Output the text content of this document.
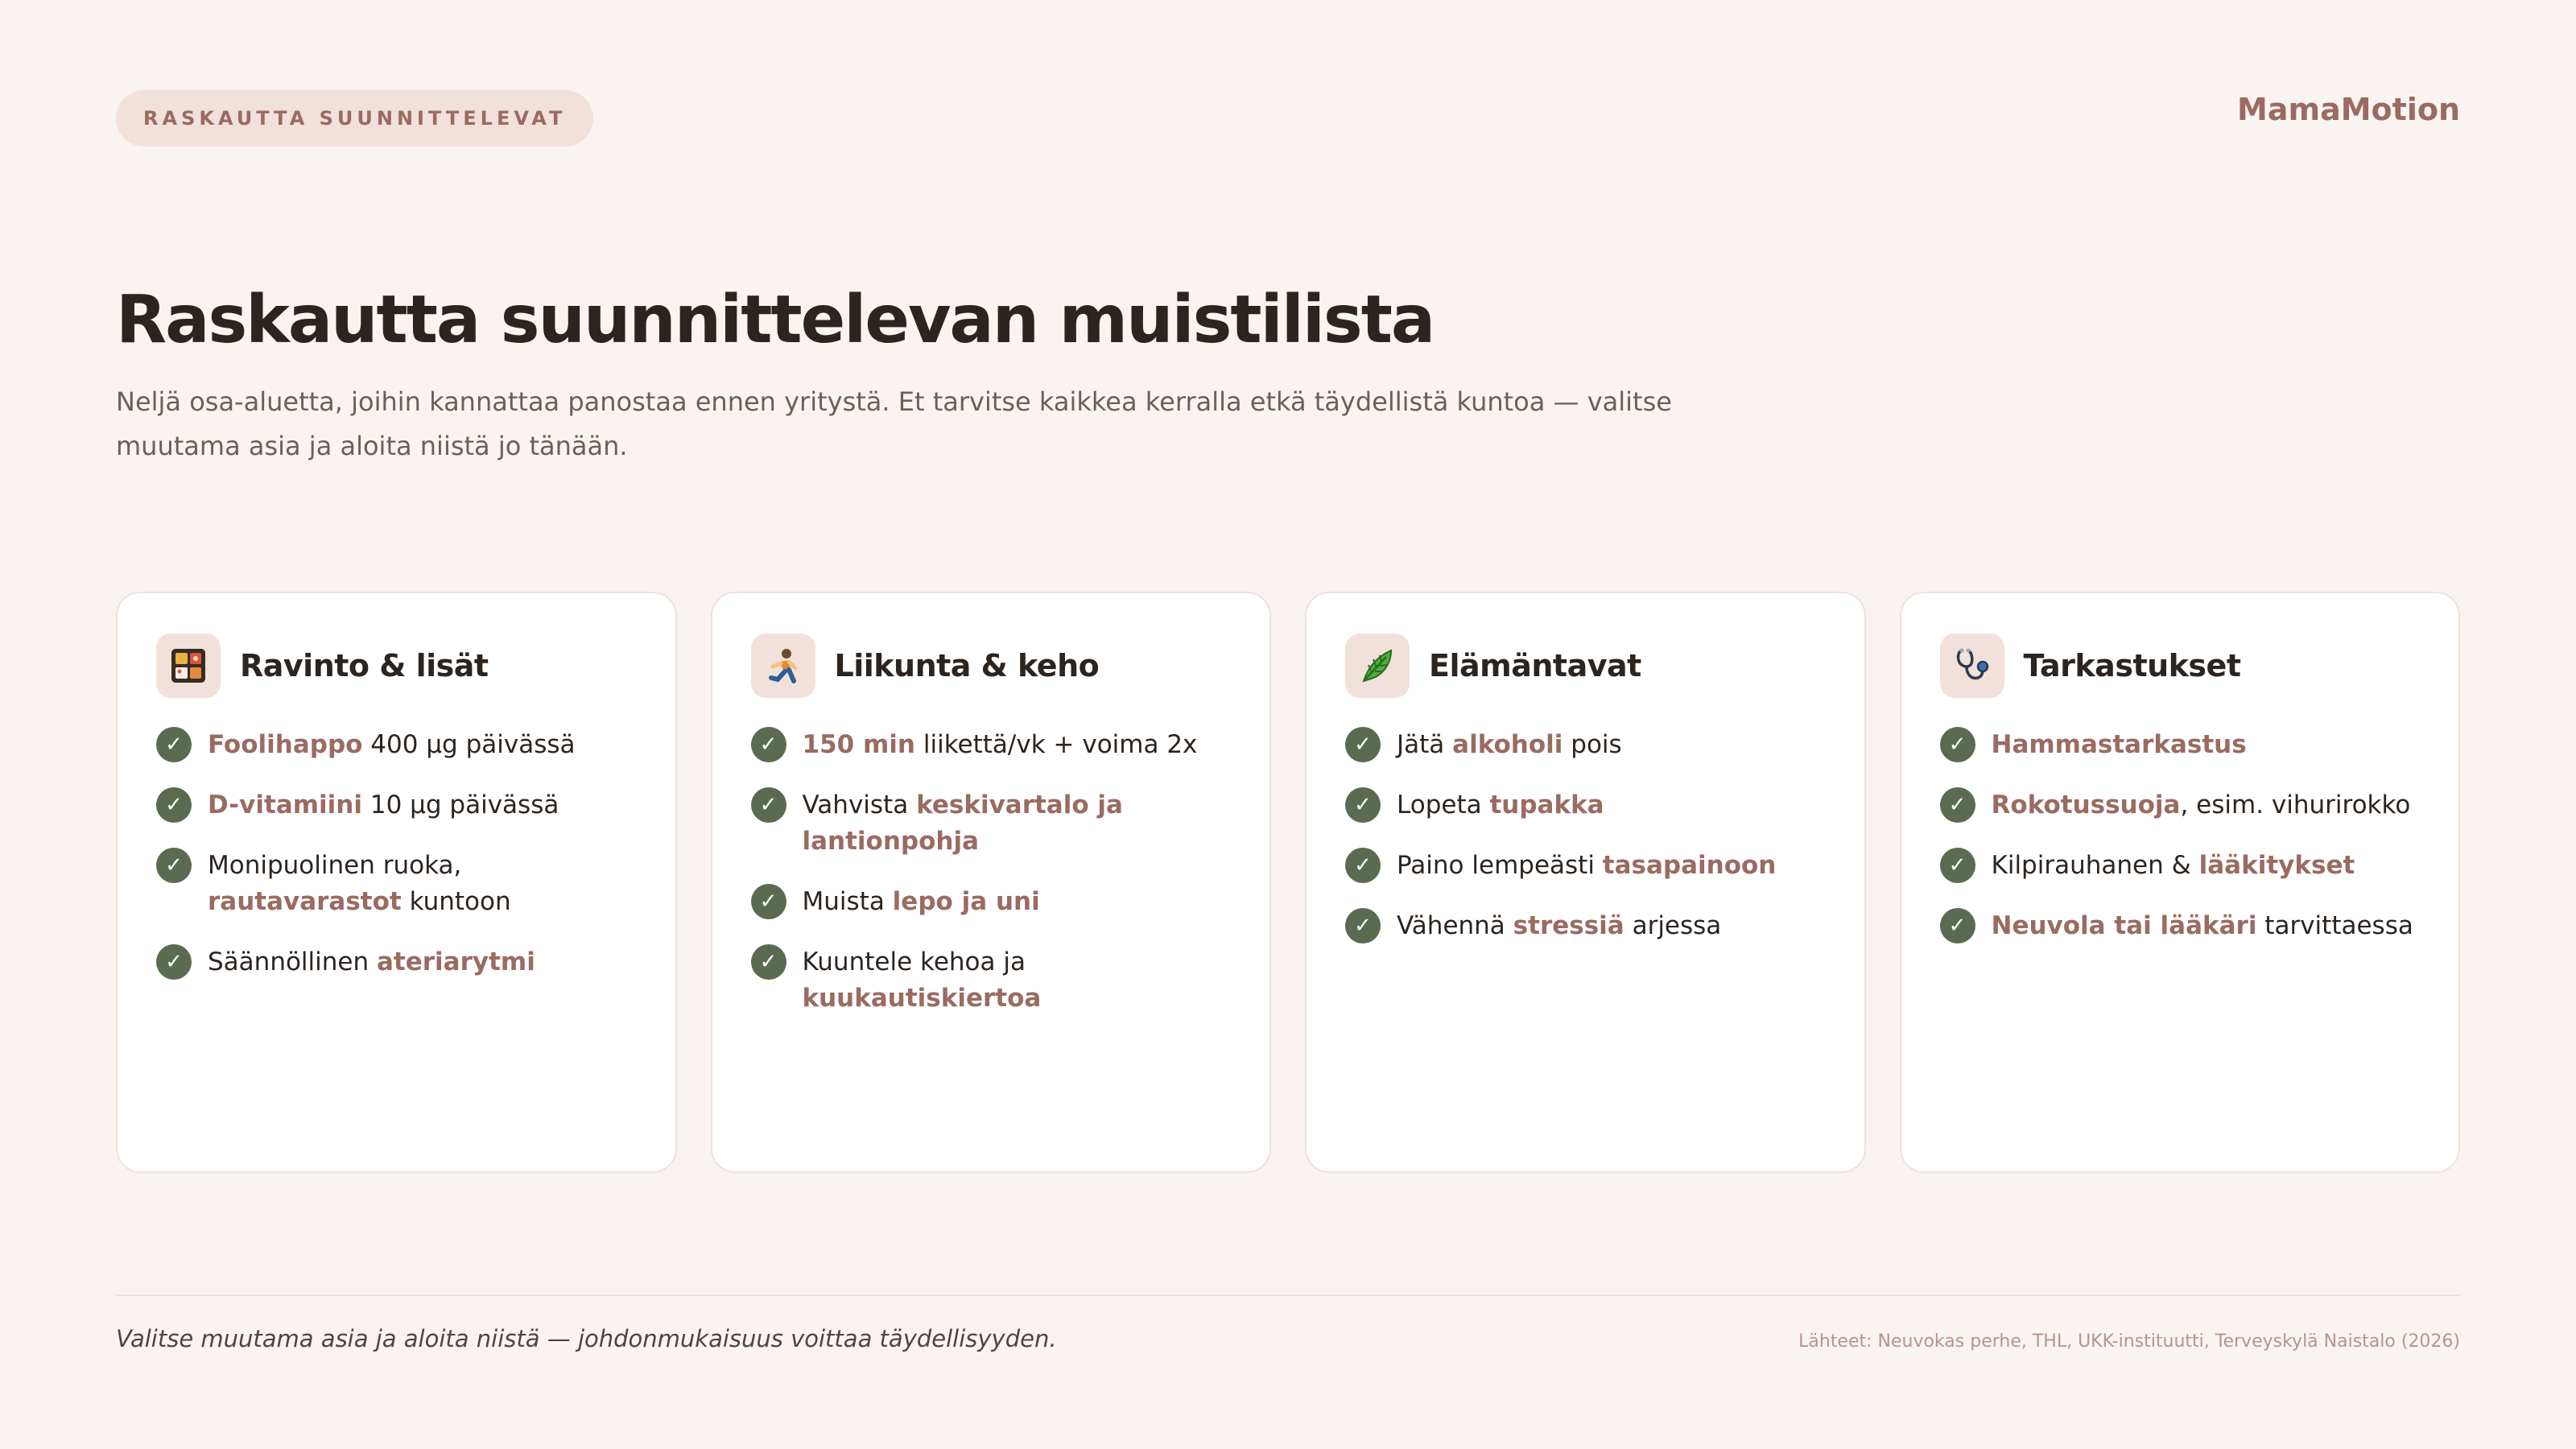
RASKAUTTA SUUNNITTELEVAT	MamaMotion
Raskautta suunnittelevan muistilista

Neljä osa-aluetta, joihin kannattaa panostaa ennen yritystä. Et tarvitse kaikkea kerralla etkä täydellistä kuntoa — valitse muutama asia ja aloita niistä jo tänään.

Ravinto & lisät
✓	Foolihappo 400 µg päivässä
✓	D-vitamiini 10 µg päivässä
✓	Monipuolinen ruoka, rautavarastot kuntoon
✓	Säännöllinen ateriarytmi
Liikunta & keho
✓	150 min liikettä/vk + voima 2x
✓	Vahvista keskivartalo ja lantionpohja
✓	Muista lepo ja uni
✓	Kuuntele kehoa ja kuukautiskiertoa
Elämäntavat
✓	Jätä alkoholi pois
✓	Lopeta tupakka
✓	Paino lempeästi tasapainoon
✓	Vähennä stressiä arjessa
Tarkastukset
✓	Hammastarkastus
✓	Rokotussuoja, esim. vihurirokko
✓	Kilpirauhanen & lääkitykset
✓	Neuvola tai lääkäri tarvittaessa
Valitse muutama asia ja aloita niistä — johdonmukaisuus voittaa täydellisyyden.	Lähteet: Neuvokas perhe, THL, UKK-instituutti, Terveyskylä Naistalo (2026)
